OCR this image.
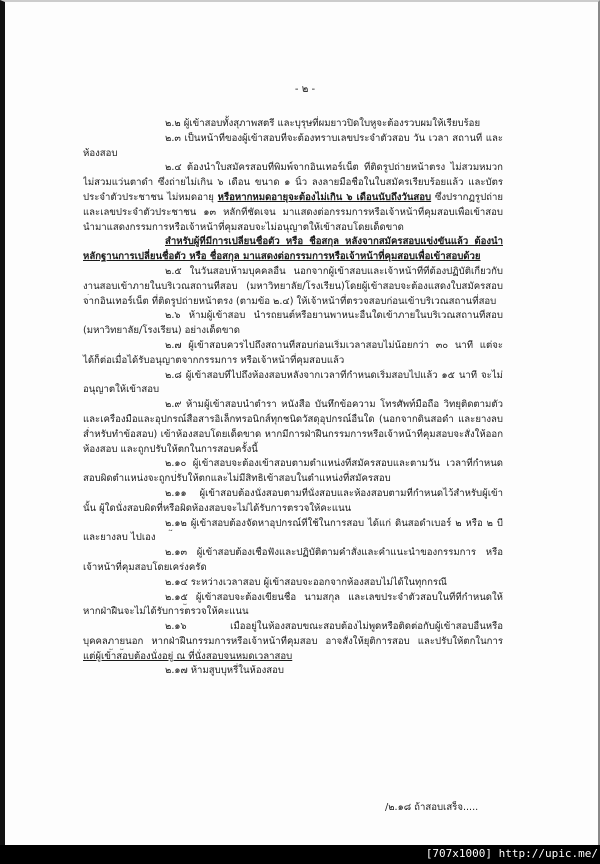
- ๒ -
๒.๒ ผู้เข้าสอบทั้งสุภาพสตรี และบุรุษที่ผมยาวปิดใบหูจะต้องรวบผมให้เรียบร้อย
๒.๓ เป็นหน้าที่ของผู้เข้าสอบที่จะต้องทราบเลขประจำตัวสอบ วัน เวลา สถานที่ และ
ห้องสอบ
๒.๔ ต้องนำใบสมัครสอบที่พิมพ์จากอินเทอร์เน็ต ที่ติดรูปถ่ายหน้าตรง ไม่สวมหมวก
ไม่สวมแว่นตาดำ ซึ่งถ่ายไม่เกิน ๖ เดือน ขนาด ๑ นิ้ว ลงลายมือชื่อในใบสมัครเรียบร้อยแล้ว และบัตร
ประจำตัวประชาชน ไม่หมดอายุ หรือหากหมดอายุจะต้องไม่เกิน ๖ เดือนนับถึงวันสอบ ซึ่งปรากฏรูปถ่าย
และเลขประจำตัวประชาชน ๑๓ หลักที่ชัดเจน มาแสดงต่อกรรมการหรือเจ้าหน้าที่คุมสอบเพื่อเข้าสอบ
นำมาแสดงกรรมการหรือเจ้าหน้าที่คุมสอบจะไม่อนุญาตให้เข้าสอบโดยเด็ดขาด
สำหรับผู้ที่มีการเปลี่ยนชื่อตัว หรือ ชื่อสกุล หลังจากสมัครสอบแข่งขันแล้ว ต้องนำ
หลักฐานการเปลี่ยนชื่อตัว หรือ ชื่อสกุล มาแสดงต่อกรรมการหรือเจ้าหน้าที่คุมสอบเพื่อเข้าสอบด้วย
๒.๕ ในวันสอบห้ามบุคคลอื่น นอกจากผู้เข้าสอบและเจ้าหน้าที่ที่ต้องปฏิบัติเกี่ยวกับ
งานสอบเข้าภายในบริเวณสถานที่สอบ (มหาวิทยาลัย/โรงเรียน)โดยผู้เข้าสอบจะต้องแสดงใบสมัครสอบ
จากอินเทอร์เน็ต ที่ติดรูปถ่ายหน้าตรง (ตามข้อ ๒.๔) ให้เจ้าหน้าที่ตรวจสอบก่อนเข้าบริเวณสถานที่สอบ
๒.๖ ห้ามผู้เข้าสอบ นำรถยนต์หรือยานพาหนะอื่นใดเข้าภายในบริเวณสถานที่สอบ
(มหาวิทยาลัย/โรงเรียน) อย่างเด็ดขาด
๒.๗ ผู้เข้าสอบควรไปถึงสถานที่สอบก่อนเริ่มเวลาสอบไม่น้อยกว่า ๓๐ นาที แต่จะ
ได้ก็ต่อเมื่อได้รับอนุญาตจากกรรมการ หรือเจ้าหน้าที่คุมสอบแล้ว
๒.๘ ผู้เข้าสอบที่ไปถึงห้องสอบหลังจากเวลาที่กำหนดเริ่มสอบไปแล้ว ๑๕ นาที จะไม่
อนุญาตให้เข้าสอบ
๒.๙ ห้ามผู้เข้าสอบนำตำรา หนังสือ บันทึกข้อความ โทรศัพท์มือถือ วิทยุติดตามตัว
และเครื่องมือและอุปกรณ์สื่อสารอิเล็กทรอนิกส์ทุกชนิดวัสดุอุปกรณ์อื่นใด (นอกจากดินสอดำ และยางลบ
สำหรับทำข้อสอบ) เข้าห้องสอบโดยเด็ดขาด หากมีการฝ่าฝืนกรรมการหรือเจ้าหน้าที่คุมสอบจะสั่งให้ออก
ห้องสอบ และถูกปรับให้ตกในการสอบครั้งนี้
๒.๑๐ ผู้เข้าสอบจะต้องเข้าสอบตามตำแหน่งที่สมัครสอบและตามวัน เวลาที่กำหนด
สอบผิดตำแหน่งจะถูกปรับให้ตกและไม่มีสิทธิเข้าสอบในตำแหน่งที่สมัครสอบ
๒.๑๑ ผู้เข้าสอบต้องนั่งสอบตามที่นั่งสอบและห้องสอบตามที่กำหนดไว้สำหรับผู้เข้า
นั้น ผู้ใดนั่งสอบผิดที่หรือผิดห้องสอบจะไม่ได้รับการตรวจให้คะแนน
๒.๑๒ ผู้เข้าสอบต้องจัดหาอุปกรณ์ที่ใช้ในการสอบ ได้แก่ ดินสอดำเบอร์ ๒ หรือ ๒ บี
และยางลบ ไปเอง
๒.๑๓ ผู้เข้าสอบต้องเชื่อฟังและปฏิบัติตามคำสั่งและคำแนะนำของกรรมการ หรือ
เจ้าหน้าที่คุมสอบโดยเคร่งครัด
๒.๑๔ ระหว่างเวลาสอบ ผู้เข้าสอบจะออกจากห้องสอบไม่ได้ในทุกกรณี
๒.๑๕ ผู้เข้าสอบจะต้องเขียนชื่อ นามสกุล และเลขประจำตัวสอบในที่ที่กำหนดให้
หากฝ่าฝืนจะไม่ได้รับการตรวจให้คะแนน
๒.๑๖ เมื่ออยู่ในห้องสอบขณะสอบต้องไม่พูดหรือติดต่อกับผู้เข้าสอบอื่นหรือ
บุคคลภายนอก หากฝ่าฝืนกรรมการหรือเจ้าหน้าที่คุมสอบ อาจสั่งให้ยุติการสอบ และปรับให้ตกในการ
แต่ผู้เข้าสอบต้องนั่งอยู่ ณ ที่นั่งสอบจนหมดเวลาสอบ
๒.๑๗ ห้ามสูบบุหรี่ในห้องสอบ
/๒.๑๘ ถ้าสอบเสร็จ.....
[707x1000] http://upic.me/
